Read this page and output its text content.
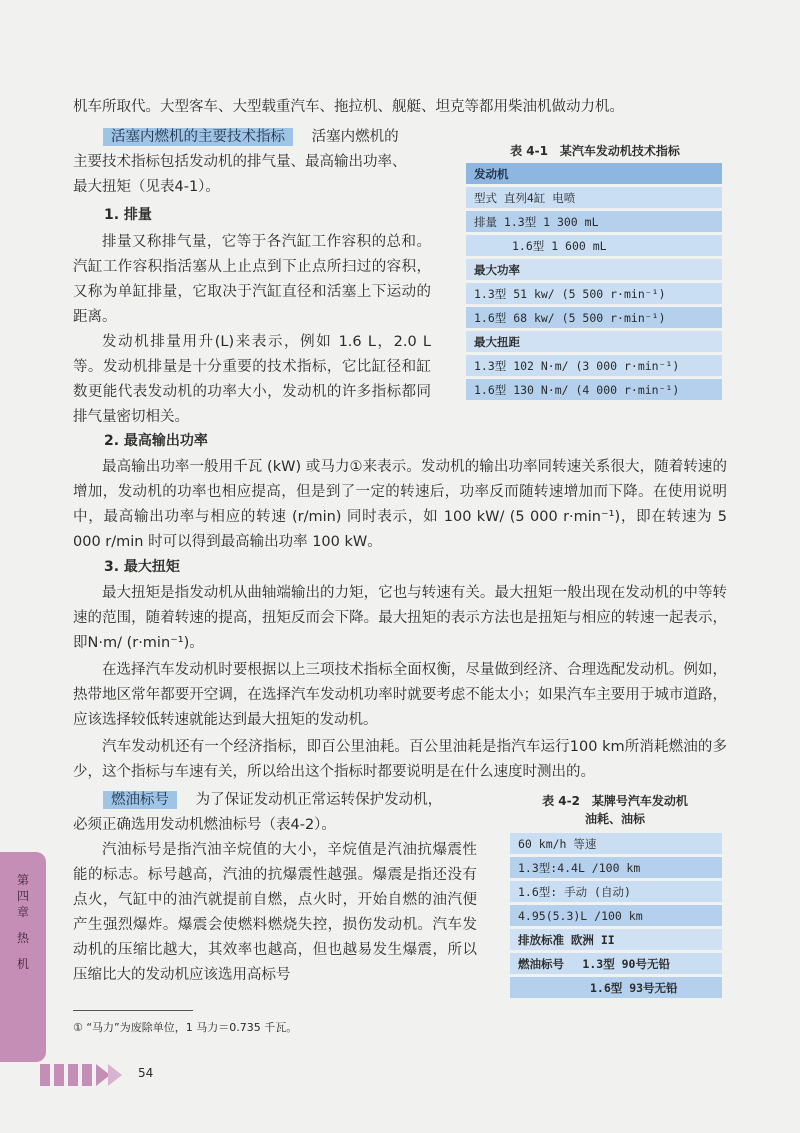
机车所取代。大型客车、大型载重汽车、拖拉机、舰艇、坦克等都用柴油机做动力机。

活塞内燃机的主要技术指标 活塞内燃机的

主要技术指标包括发动机的排气量、最高输出功率、

最大扭矩（见表4-1）。

1. 排量

排量又称排气量，它等于各汽缸工作容积的总和。汽缸工作容积指活塞从上止点到下止点所扫过的容积，又称为单缸排量，它取决于汽缸直径和活塞上下运动的距离。

发动机排量用升(L)来表示，例如 1.6 L，2.0 L 等。发动机排量是十分重要的技术指标，它比缸径和缸数更能代表发动机的功率大小，发动机的许多指标都同排气量密切相关。

表 4-1　某汽车发动机技术指标
发动机
型式 直列4缸 电喷
排量 1.3型 1 300 mL
1.6型 1 600 mL
最大功率
1.3型 51 kw/ (5 500 r·min⁻¹)
1.6型 68 kw/ (5 500 r·min⁻¹)
最大扭距
1.3型 102 N·m/ (3 000 r·min⁻¹)
1.6型 130 N·m/ (4 000 r·min⁻¹)
2. 最高输出功率

最高输出功率一般用千瓦 (kW) 或马力①来表示。发动机的输出功率同转速关系很大，随着转速的增加，发动机的功率也相应提高，但是到了一定的转速后，功率反而随转速增加而下降。在使用说明中，最高输出功率与相应的转速 (r/min) 同时表示，如 100 kW/ (5 000 r·min⁻¹)，即在转速为 5 000 r/min 时可以得到最高输出功率 100 kW。

3. 最大扭矩

最大扭矩是指发动机从曲轴端输出的力矩，它也与转速有关。最大扭矩一般出现在发动机的中等转速的范围，随着转速的提高，扭矩反而会下降。最大扭矩的表示方法也是扭矩与相应的转速一起表示，即N·m/ (r·min⁻¹)。

在选择汽车发动机时要根据以上三项技术指标全面权衡，尽量做到经济、合理选配发动机。例如，热带地区常年都要开空调，在选择汽车发动机功率时就要考虑不能太小；如果汽车主要用于城市道路，应该选择较低转速就能达到最大扭矩的发动机。

汽车发动机还有一个经济指标，即百公里油耗。百公里油耗是指汽车运行100 km所消耗燃油的多少，这个指标与车速有关，所以给出这个指标时都要说明是在什么速度时测出的。

燃油标号 为了保证发动机正常运转保护发动机，

必须正确选用发动机燃油标号（表4-2）。

汽油标号是指汽油辛烷值的大小，辛烷值是汽油抗爆震性能的标志。标号越高，汽油的抗爆震性越强。爆震是指还没有点火，气缸中的油汽就提前自燃，点火时，开始自燃的油汽便产生强烈爆炸。爆震会使燃料燃烧失控，损伤发动机。汽车发动机的压缩比越大，其效率也越高，但也越易发生爆震，所以压缩比大的发动机应该选用高标号

表 4-2　某牌号汽车发动机
油耗、油标
60 km/h 等速
1.3型:4.4L /100 km
1.6型: 手动 (自动)
4.95(5.3)L /100 km
排放标准 欧洲 II
燃油标号　 1.3型 90号无铅
1.6型 93号无铅
第
四
章
热
机
① “马力”为废除单位，1 马力＝0.735 千瓦。
54
